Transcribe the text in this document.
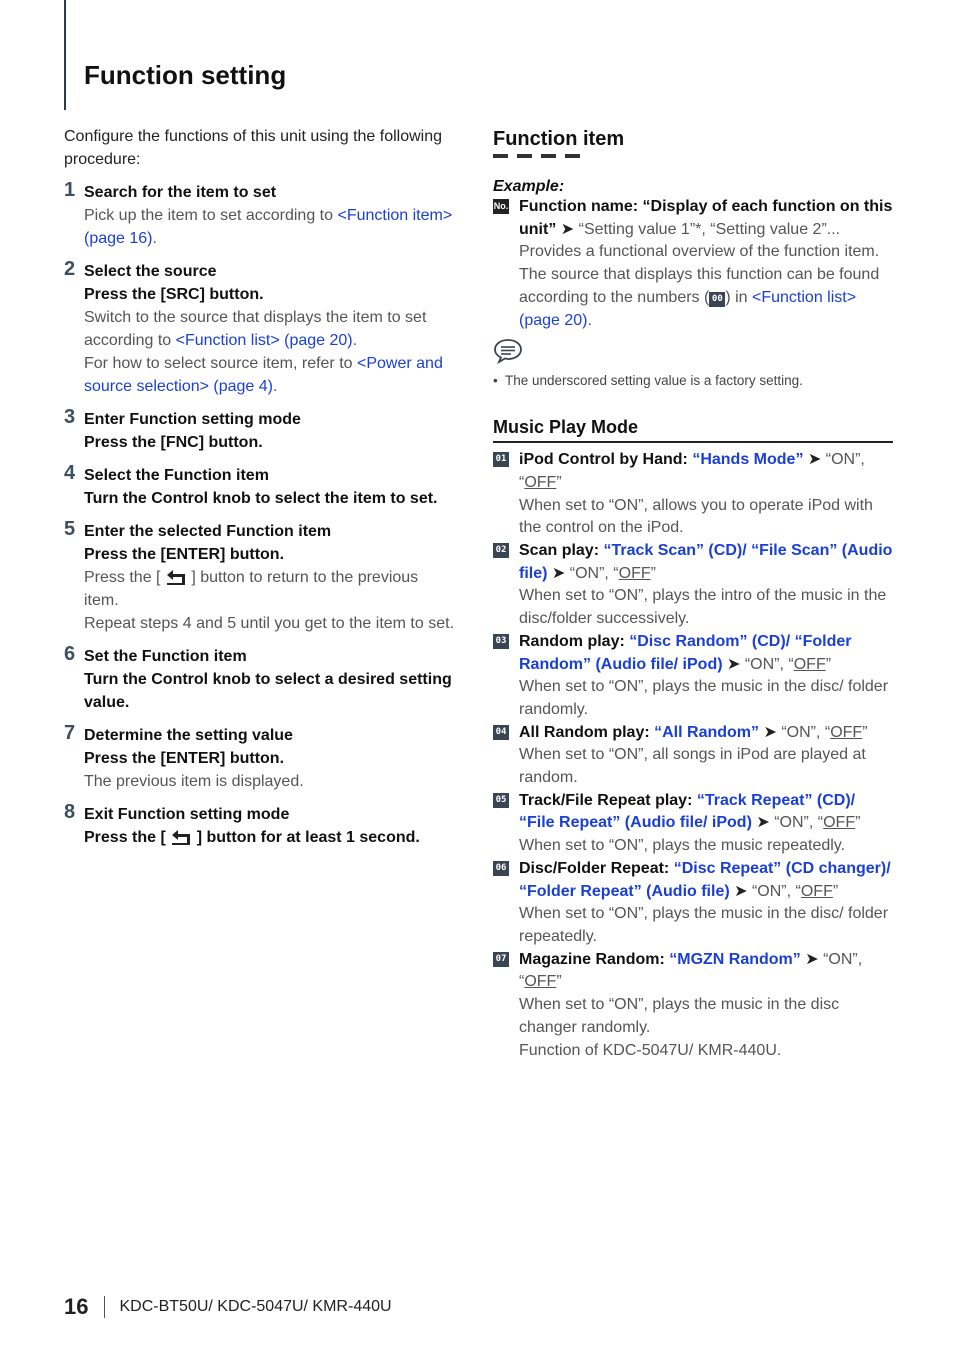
Function setting

Configure the functions of this unit using the following procedure:

1 Search for the item to set
Pick up the item to set according to <Function item> (page 16).
2 Select the source
Press the [SRC] button.
Switch to the source that displays the item to set according to <Function list> (page 20).
For how to select source item, refer to <Power and source selection> (page 4).
3 Enter Function setting mode
Press the [FNC] button.
4 Select the Function item
Turn the Control knob to select the item to set.
5 Enter the selected Function item
Press the [ENTER] button.
Press the [  ] button to return to the previous item.
Repeat steps 4 and 5 until you get to the item to set.
6 Set the Function item
Turn the Control knob to select a desired setting value.
7 Determine the setting value
Press the [ENTER] button.
The previous item is displayed.
8 Exit Function setting mode
Press the [  ] button for at least 1 second.
Function item
Example:
No. Function name: “Display of each function on this unit” ➤ “Setting value 1”*, “Setting value 2”...
Provides a functional overview of the function item. The source that displays this function can be found according to the numbers ( 00 ) in <Function list> (page 20).
•  The underscored setting value is a factory setting.
Music Play Mode
01 iPod Control by Hand: “Hands Mode” ➤ “ON”, “OFF”
When set to “ON”, allows you to operate iPod with the control on the iPod.
02 Scan play: “Track Scan” (CD)/ “File Scan” (Audio file) ➤ “ON”, “OFF”
When set to “ON”, plays the intro of the music in the disc/folder successively.
03 Random play: “Disc Random” (CD)/ “Folder Random” (Audio file/ iPod) ➤ “ON”, “OFF”
When set to “ON”, plays the music in the disc/ folder randomly.
04 All Random play: “All Random” ➤ “ON”, “OFF”
When set to “ON”, all songs in iPod are played at random.
05 Track/File Repeat play: “Track Repeat” (CD)/ “File Repeat” (Audio file/ iPod) ➤ “ON”, “OFF”
When set to “ON”, plays the music repeatedly.
06 Disc/Folder Repeat: “Disc Repeat” (CD changer)/ “Folder Repeat” (Audio file) ➤ “ON”, “OFF”
When set to “ON”, plays the music in the disc/ folder repeatedly.
07 Magazine Random: “MGZN Random” ➤ “ON”, “OFF”
When set to “ON”, plays the music in the disc changer randomly.
Function of KDC-5047U/ KMR-440U.
16 KDC-BT50U/ KDC-5047U/ KMR-440U
